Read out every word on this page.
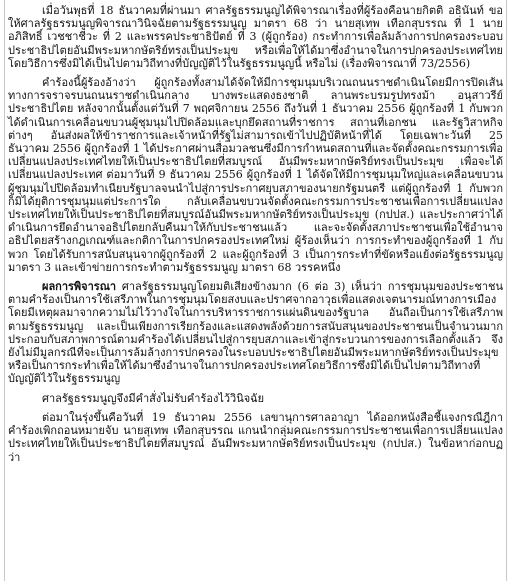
เมื่อวันพุธที่ 18 ธันวาคมที่ผ่านมา ศาลรัฐธรรมนูญได้พิจารณาเรื่องที่ผู้ร้องคือนายกิตติ อธินันท์ ขอให้ศาลรัฐธรรมนูญพิจารณาวินิจฉัยตามรัฐธรรมนูญ มาตรา 68 ว่า นายสุเทพ เทือกสุบรรณ ที่ 1 นายอภิสิทธิ์ เวชชาชีวะ ที่ 2 และพรรคประชาธิปัตย์ ที่ 3 (ผู้ถูกร้อง) กระทำการเพื่อล้มล้างการปกครองระบอบประชาธิปไตยอันมีพระมหากษัตริย์ทรงเป็นประมุข หรือเพื่อให้ได้มาซึ่งอำนาจในการปกครองประเทศไทยโดยวิธีการซึ่งมิได้เป็นไปตามวิถีทางที่บัญญัติไว้ในรัฐธรรมนูญนี้ หรือไม่ (เรื่องพิจารณาที่ 73/2556)

คำร้องนี้ผู้ร้องอ้างว่า ผู้ถูกร้องทั้งสามได้จัดให้มีการชุมนุมบริเวณถนนราชดำเนินโดยมีการปิดเส้นทางการจราจรบนถนนราชดำเนินกลาง บางพระแสดงธงชาติ ลานพระบรมรูปทรงม้า อนุสาวรีย์ประชาธิปไตย หลังจากนั้นตั้งแต่วันที่ 7 พฤศจิกายน 2556 ถึงวันที่ 1 ธันวาคม 2556 ผู้ถูกร้องที่ 1 กับพวก ได้ดำเนินการเคลื่อนขบวนผู้ชุมนุมไปปิดล้อมและบุกยึดสถานที่ราชการ สถานที่เอกชน และรัฐวิสาหกิจต่างๆ อันส่งผลให้ข้าราชการและเจ้าหน้าที่รัฐไม่สามารถเข้าไปปฏิบัติหน้าที่ได้ โดยเฉพาะวันที่ 25 ธันวาคม 2556 ผู้ถูกร้องที่ 1 ได้ประกาศผ่านสื่อมวลชนซึ่งมีการกำหนดสถานที่และจัดตั้งคณะกรรมการเพื่อเปลี่ยนแปลงประเทศไทยให้เป็นประชาธิปไตยที่สมบูรณ์ อันมีพระมหากษัตริย์ทรงเป็นประมุข เพื่อจะได้เปลี่ยนแปลงประเทศ ต่อมาวันที่ 9 ธันวาคม 2556 ผู้ถูกร้องที่ 1 ได้จัดให้มีการชุมนุมใหญ่และเคลื่อนขบวนผู้ชุมนุมไปปิดล้อมทำเนียบรัฐบาลจนนำไปสู่การประกาศยุบสภาของนายกรัฐมนตรี แต่ผู้ถูกร้องที่ 1 กับพวก ก็มิได้ยุติการชุมนุมแต่ประการใด กลับเคลื่อนขบวนจัดตั้งคณะกรรมการประชาชนเพื่อการเปลี่ยนแปลงประเทศไทยให้เป็นประชาธิปไตยที่สมบูรณ์อันมีพระมหากษัตริย์ทรงเป็นประมุข (กปปส.) และประกาศว่าได้ดำเนินการยึดอำนาจอธิปไตยกลับคืนมาให้กับประชาชนแล้ว และจะจัดตั้งสภาประชาชนเพื่อใช้อำนาจอธิปไตยสร้างกฎเกณฑ์และกติกาในการปกครองประเทศใหม่ ผู้ร้องเห็นว่า การกระทำของผู้ถูกร้องที่ 1 กับพวก โดยได้รับการสนับสนุนจากผู้ถูกร้องที่ 2 และผู้ถูกร้องที่ 3 เป็นการกระทำที่ขัดหรือแย้งต่อรัฐธรรมนูญ มาตรา 3 และเข้าข่ายการกระทำตามรัฐธรรมนูญ มาตรา 68 วรรคหนึ่ง

ผลการพิจารณา ศาลรัฐธรรมนูญโดยมติเสียงข้างมาก (6 ต่อ 3) เห็นว่า การชุมนุมของประชาชนตามคำร้องเป็นการใช้เสรีภาพในการชุมนุมโดยสงบและปราศจากอาวุธเพื่อแสดงเจตนารมณ์ทางการเมือง โดยมีเหตุผลมาจากความไม่ไว้วางใจในการบริหารราชการแผ่นดินของรัฐบาล อันถือเป็นการใช้เสรีภาพตามรัฐธรรมนูญ และเป็นเพียงการเรียกร้องและแสดงพลังด้วยการสนับสนุนของประชาชนเป็นจำนวนมากประกอบกับสภาพการณ์ตามคำร้องได้เปลี่ยนไปสู่การยุบสภาและเข้าสู่กระบวนการของการเลือกตั้งแล้ว จึงยังไม่มีมูลกรณีที่จะเป็นการล้มล้างการปกครองในระบอบประชาธิปไตยอันมีพระมหากษัตริย์ทรงเป็นประมุข หรือเป็นการกระทำเพื่อให้ได้มาซึ่งอำนาจในการปกครองประเทศโดยวิธีการซึ่งมิได้เป็นไปตามวิถีทางที่บัญญัติไว้ในรัฐธรรมนูญ

ศาลรัฐธรรมนูญจึงมีคำสั่งไม่รับคำร้องไว้วินิจฉัย

ต่อมาในรุ่งขึ้นคือวันที่ 19 ธันวาคม 2556 เลขานุการศาลอาญา ได้ออกหนังสือชี้แจงกรณีฎีกาคำร้องเพิกถอนหมายจับ นายสุเทพ เทือกสุบรรณ แกนนำกลุ่มคณะกรรมการประชาชนเพื่อการเปลี่ยนแปลงประเทศไทยให้เป็นประชาธิปไตยที่สมบูรณ์ อันมีพระมหากษัตริย์ทรงเป็นประมุข (กปปส.) ในข้อหาก่อกบฏว่า
